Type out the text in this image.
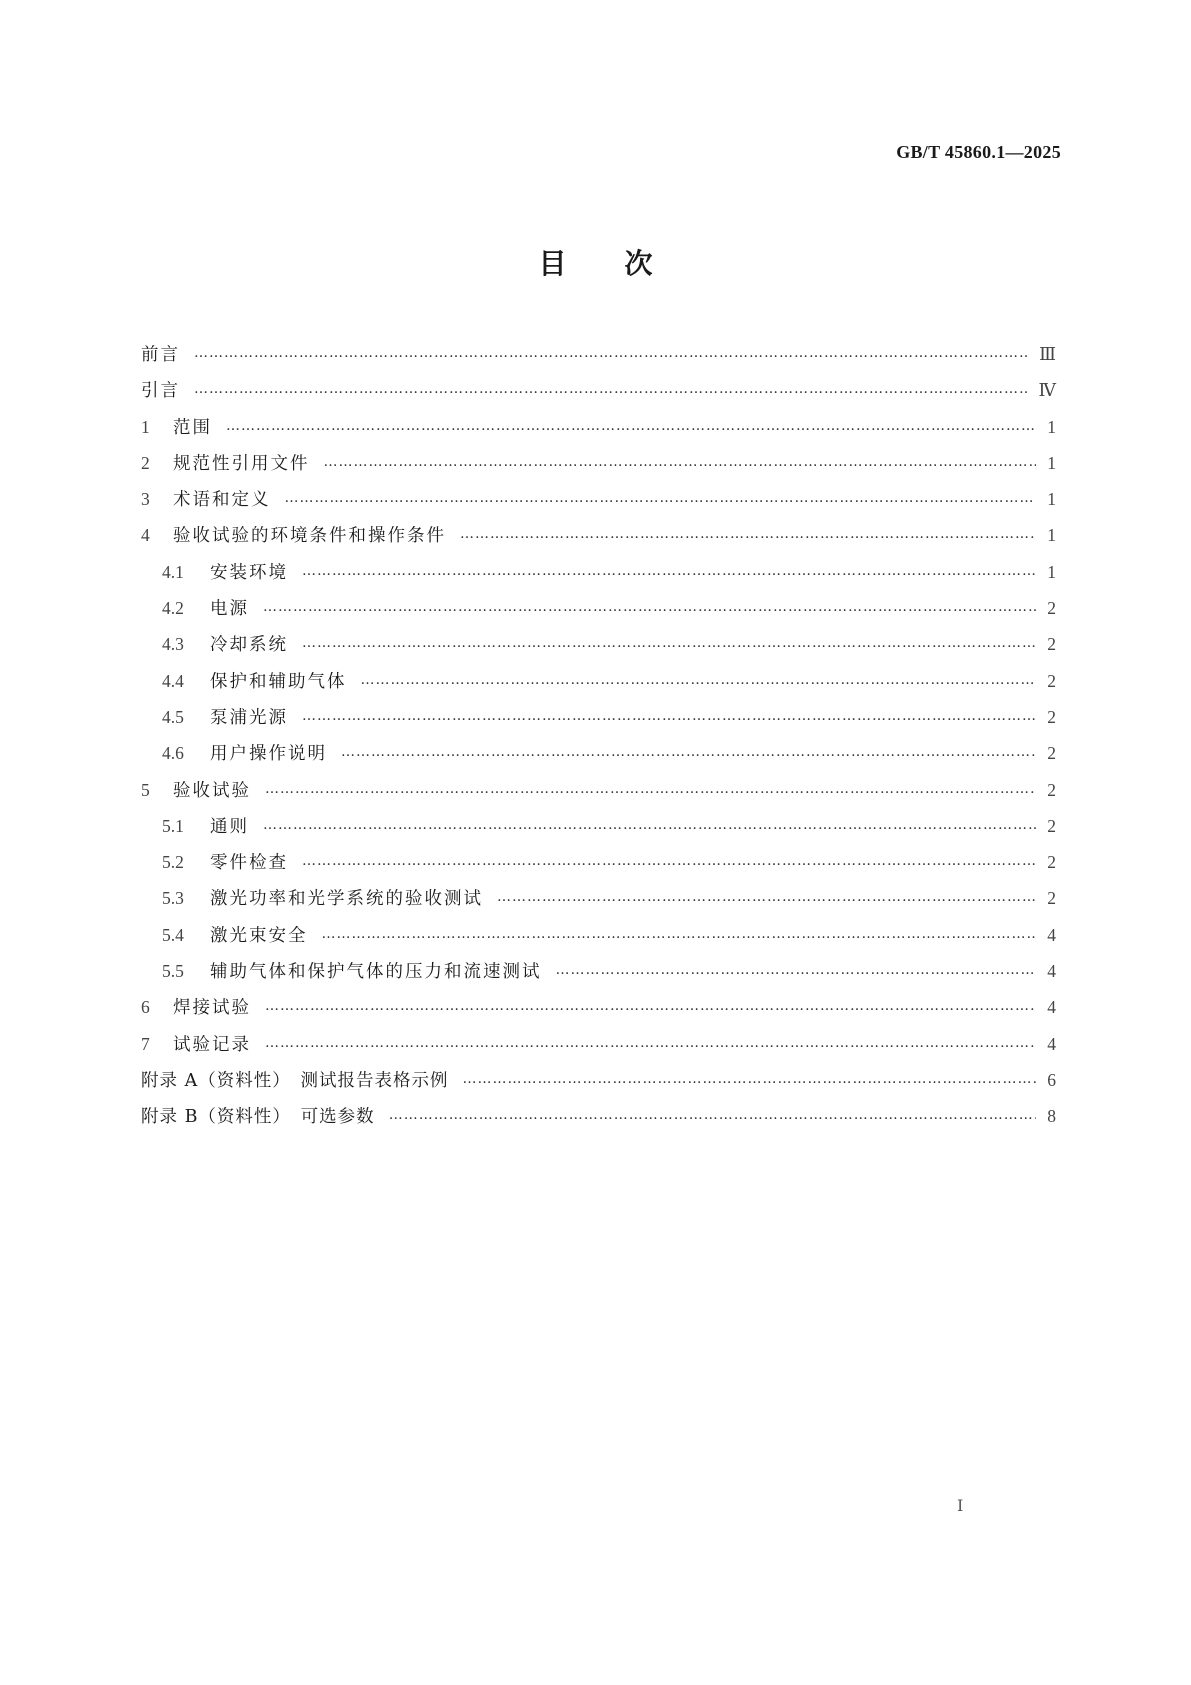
GB/T 45860.1—2025
目次
前言 ……………………………………………………………………………………………………………………………………………………………………………………	Ⅲ
引言 ……………………………………………………………………………………………………………………………………………………………………………………	Ⅳ
1	范围 ……………………………………………………………………………………………………………………………………………………………………………………	1
2	规范性引用文件 ……………………………………………………………………………………………………………………………………………………………………………………	1
3	术语和定义 ……………………………………………………………………………………………………………………………………………………………………………………	1
4	验收试验的环境条件和操作条件 ……………………………………………………………………………………………………………………………………………………………………………………	1
4.1	安装环境 ……………………………………………………………………………………………………………………………………………………………………………………	1
4.2	电源 ……………………………………………………………………………………………………………………………………………………………………………………	2
4.3	冷却系统 ……………………………………………………………………………………………………………………………………………………………………………………	2
4.4	保护和辅助气体 ……………………………………………………………………………………………………………………………………………………………………………………	2
4.5	泵浦光源 ……………………………………………………………………………………………………………………………………………………………………………………	2
4.6	用户操作说明 ……………………………………………………………………………………………………………………………………………………………………………………	2
5	验收试验 ……………………………………………………………………………………………………………………………………………………………………………………	2
5.1	通则 ……………………………………………………………………………………………………………………………………………………………………………………	2
5.2	零件检查 ……………………………………………………………………………………………………………………………………………………………………………………	2
5.3	激光功率和光学系统的验收测试 ……………………………………………………………………………………………………………………………………………………………………………………	2
5.4	激光束安全 ……………………………………………………………………………………………………………………………………………………………………………………	4
5.5	辅助气体和保护气体的压力和流速测试 ……………………………………………………………………………………………………………………………………………………………………………………	4
6	焊接试验 ……………………………………………………………………………………………………………………………………………………………………………………	4
7	试验记录 ……………………………………………………………………………………………………………………………………………………………………………………	4
附录 A（资料性）　测试报告表格示例 ……………………………………………………………………………………………………………………………………………………………………………………	6
附录 B（资料性）　可选参数 ……………………………………………………………………………………………………………………………………………………………………………………	8
Ⅰ
